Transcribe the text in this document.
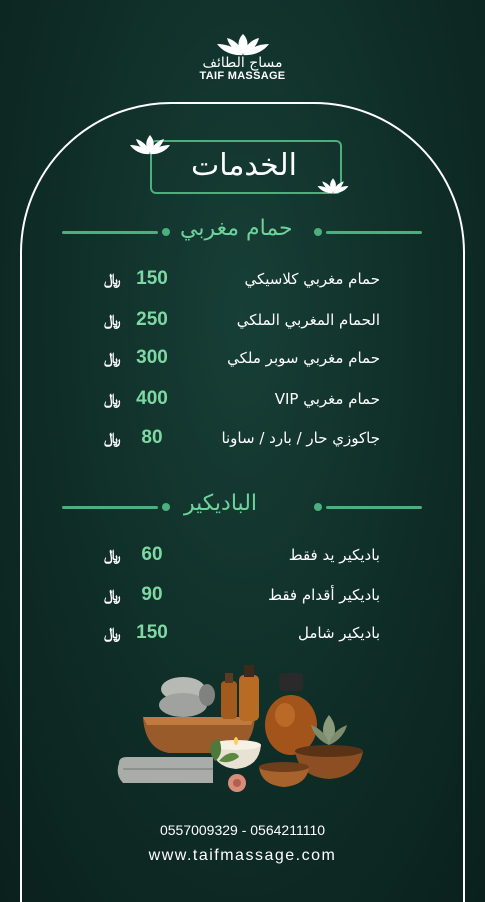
مساج الطائف
TAIF MASSAGE
الخدمات
حمام مغربي
حمام مغربي كلاسيكي
150
﷼
الحمام المغربي الملكي
250
﷼
حمام مغربي سوبر ملكي
300
﷼
حمام مغربي VIP
400
﷼
جاكوزي حار / بارد / ساونا
80
﷼
الباديكير
باديكير يد فقط
60
﷼
باديكير أقدام فقط
90
﷼
باديكير شامل
150
﷼
0557009329 - 0564211110
www.taifmassage.com
